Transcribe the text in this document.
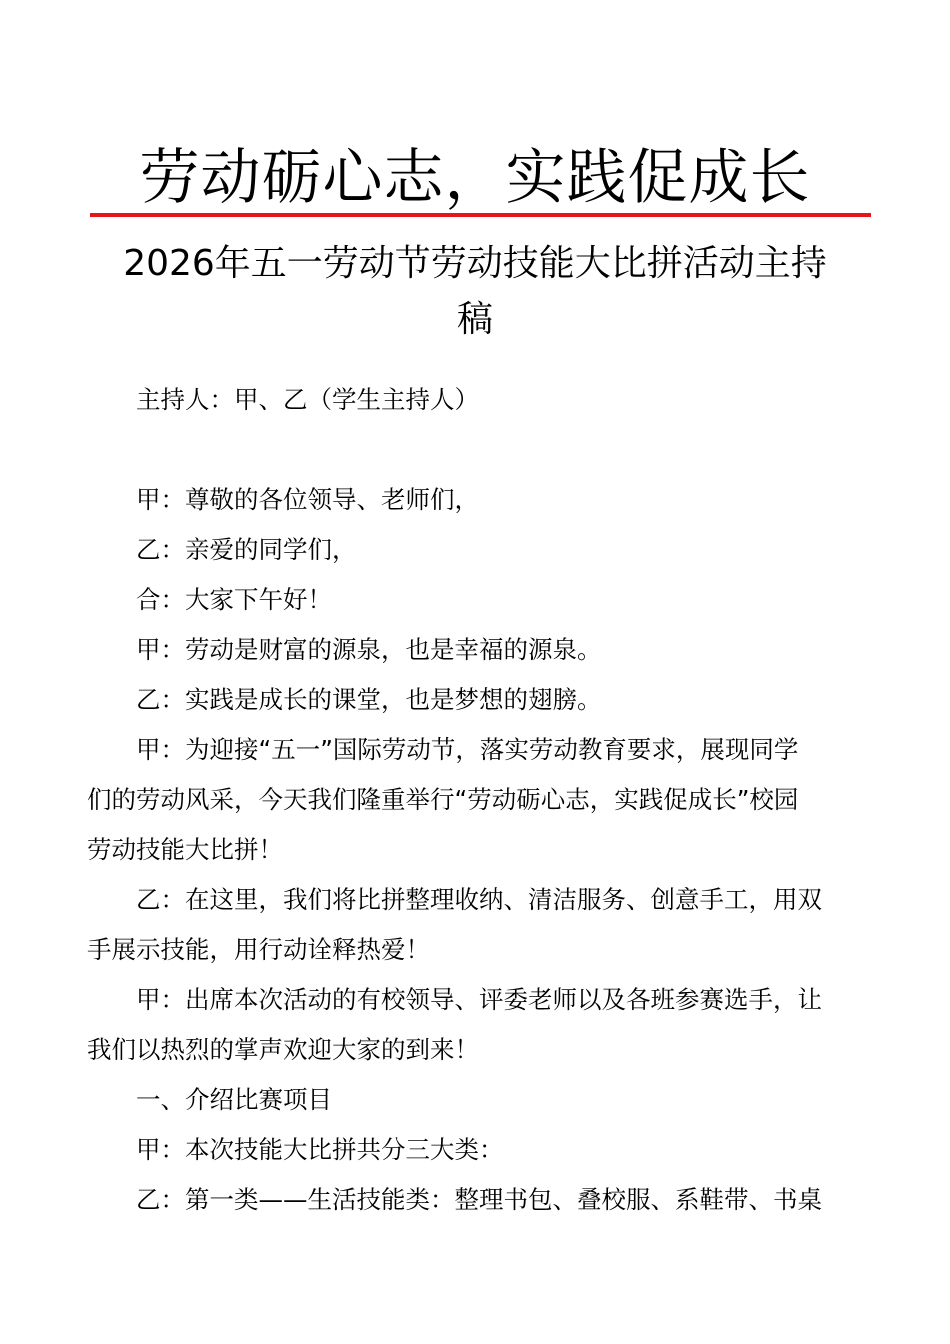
劳动砺心志，实践促成长
2026年五一劳动节劳动技能大比拼活动主持
稿

主持人：甲、乙（学生主持人）

甲：尊敬的各位领导、老师们，

乙：亲爱的同学们，

合：大家下午好！

甲：劳动是财富的源泉，也是幸福的源泉。

乙：实践是成长的课堂，也是梦想的翅膀。

甲：为迎接“五一”国际劳动节，落实劳动教育要求，展现同学
们的劳动风采，今天我们隆重举行“劳动砺心志，实践促成长”校园
劳动技能大比拼！
乙：在这里，我们将比拼整理收纳、清洁服务、创意手工，用双
手展示技能，用行动诠释热爱！
甲：出席本次活动的有校领导、评委老师以及各班参赛选手，让
我们以热烈的掌声欢迎大家的到来！

一、介绍比赛项目

甲：本次技能大比拼共分三大类：

乙：第一类——生活技能类：整理书包、叠校服、系鞋带、书桌
